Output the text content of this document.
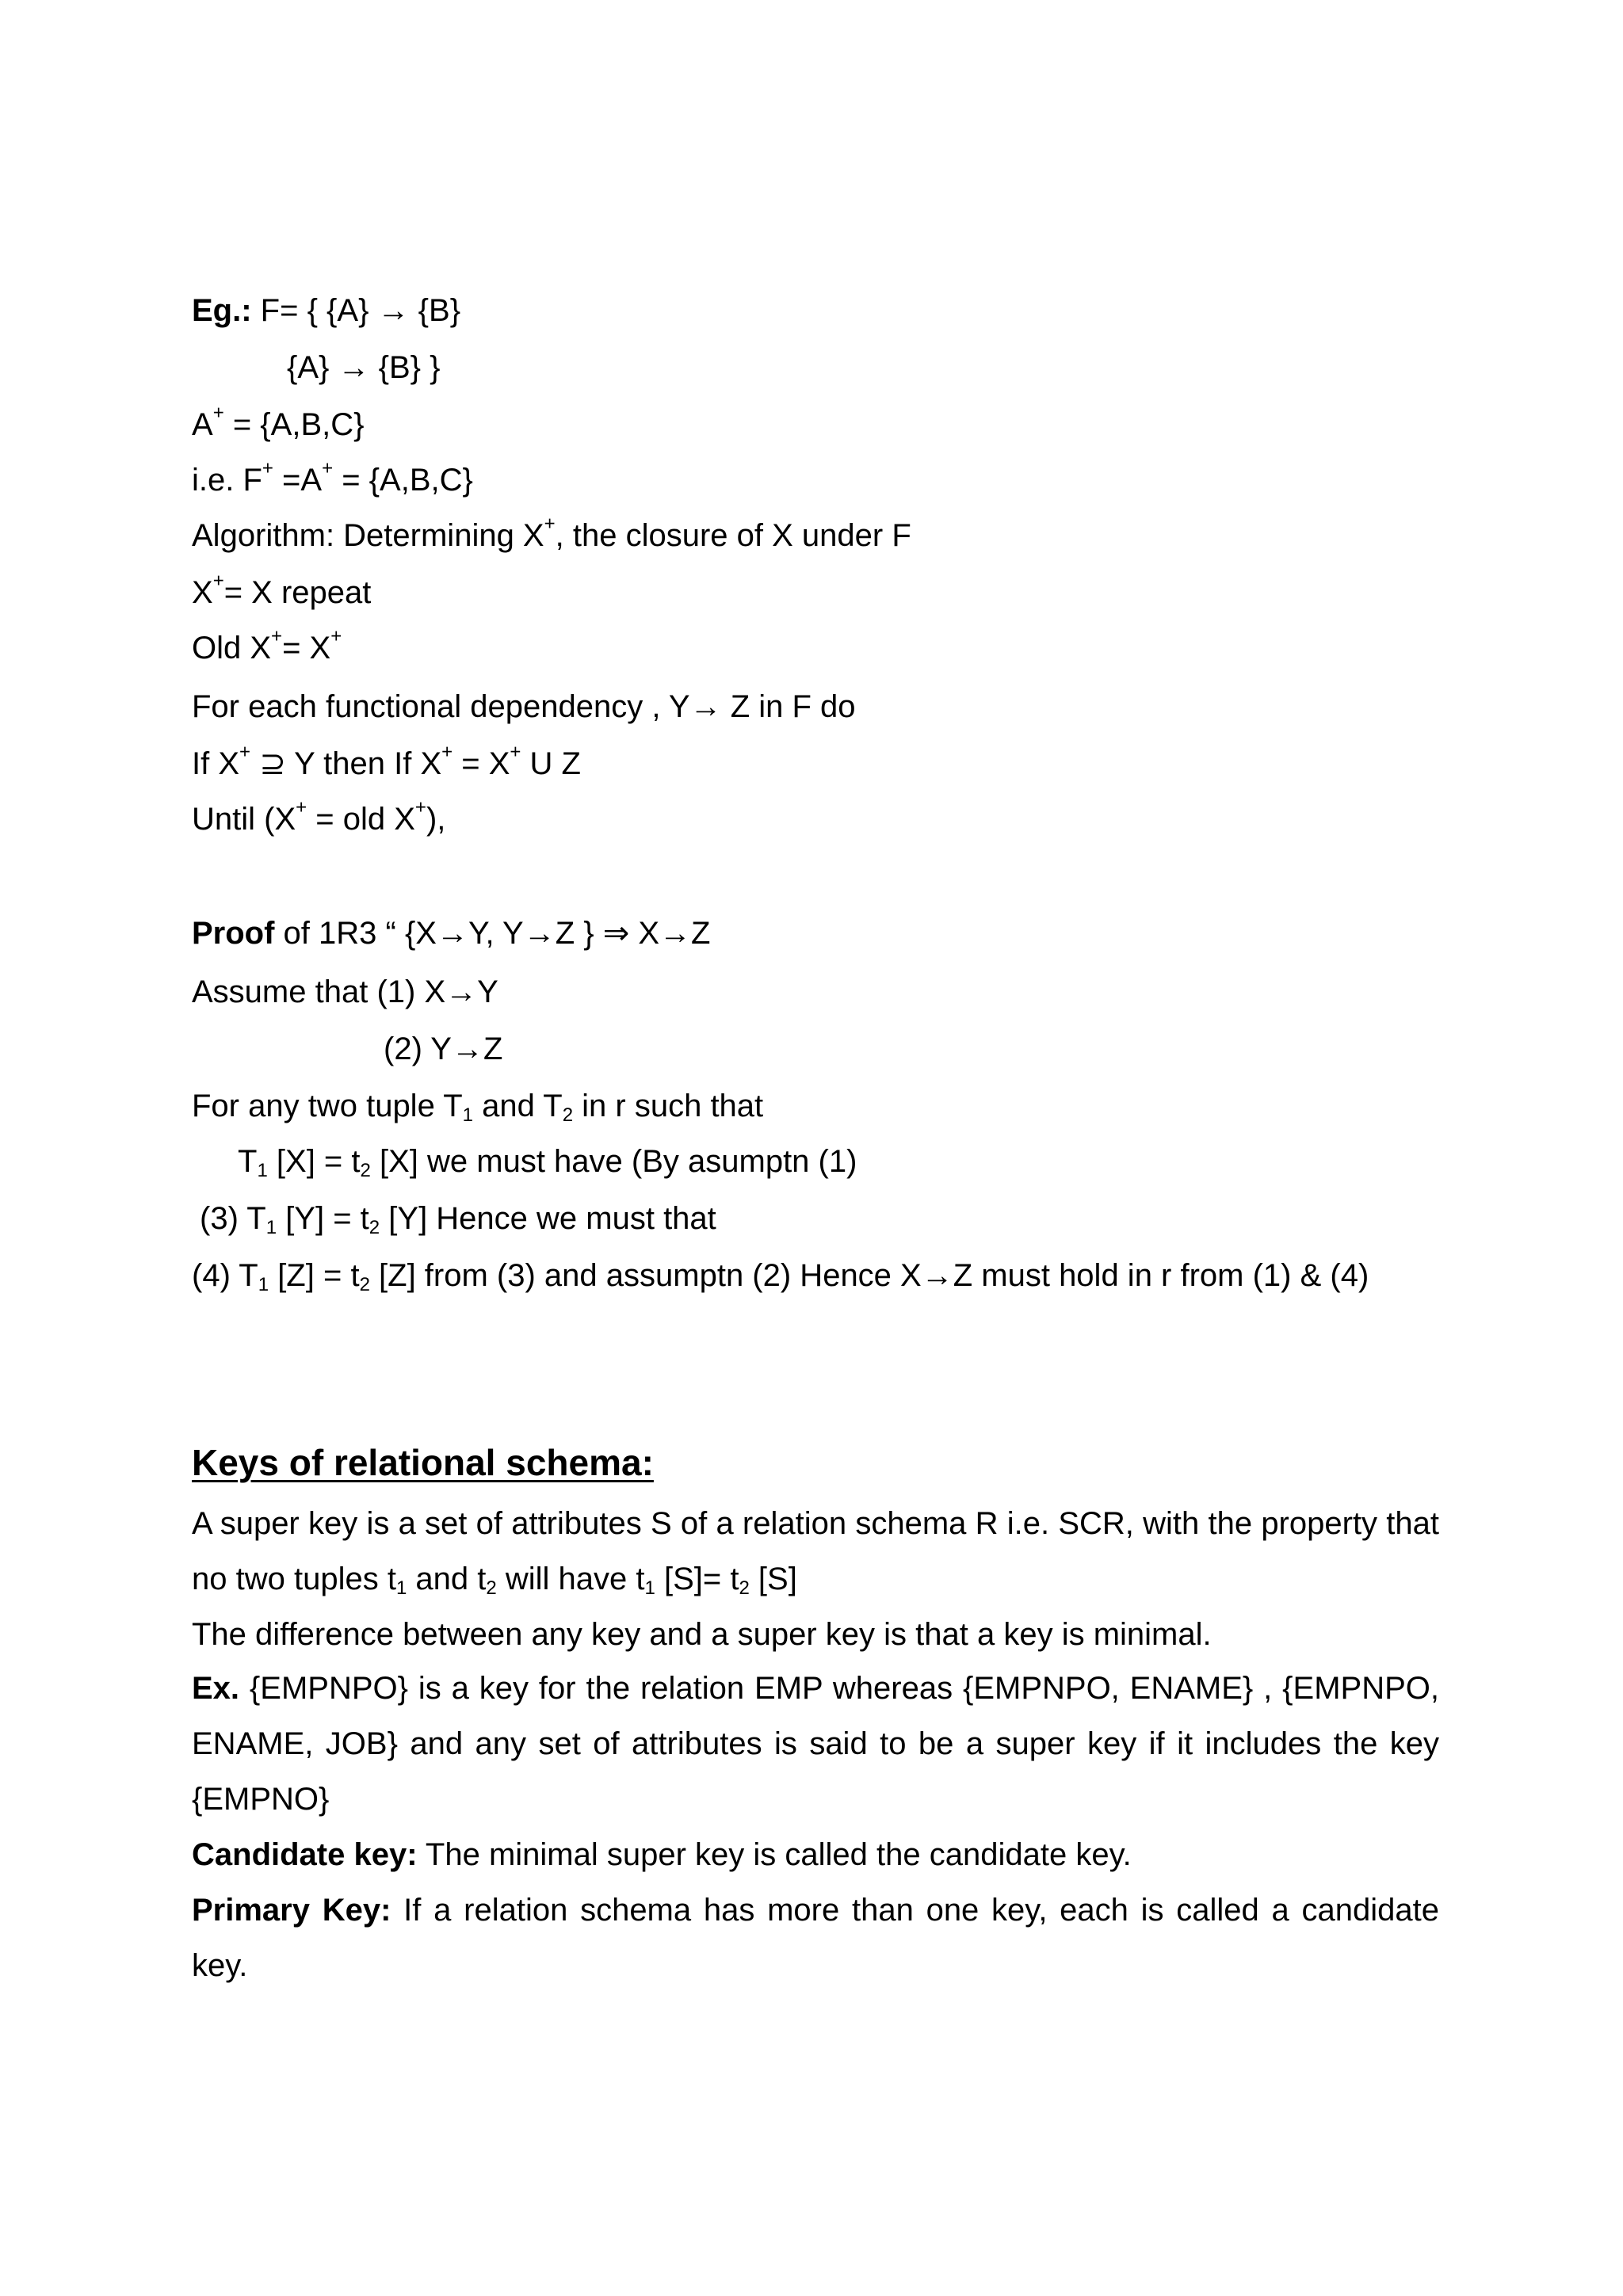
Eg.: F= { {A} → {B}
{A} → {B} }
A+ = {A,B,C}
i.e. F+ =A+ = {A,B,C}
Algorithm: Determining X+, the closure of X under F
X+= X repeat
Old X+= X+
For each functional dependency , Y→ Z in F do
If X+ ⊇ Y then If X+ = X+ U Z
Until (X+ = old X+),
Proof of 1R3 “ {X→Y, Y→Z } ⇒ X→Z
Assume that (1) X→Y
(2) Y→Z
For any two tuple $T_1$ and $T_2$ in r such that
$T_1$ $[X] = t_2$ [X] we must have (By asumptn (1)
(3) $T_1$ $[Y] = t_2$ [Y] Hence we must that
(4) $T_1$ $[Z] = t_2$ [Z] from (3) and assumptn (2) Hence X→Z must hold in r from (1) & (4)
Keys of relational schema:
A super key is a set of attributes S of a relation schema R i.e. SCR, with the property that no two tuples $t_1$ and $t_2$ will have $t_1$ $[S]= t_2$ [S]
The difference between any key and a super key is that a key is minimal.
Ex. {EMPNPO} is a key for the relation EMP whereas {EMPNPO, ENAME} , {EMPNPO, ENAME, JOB} and any set of attributes is said to be a super key if it includes the key {EMPNO}
Candidate key: The minimal super key is called the candidate key.
Primary Key: If a relation schema has more than one key, each is called a candidate key.
